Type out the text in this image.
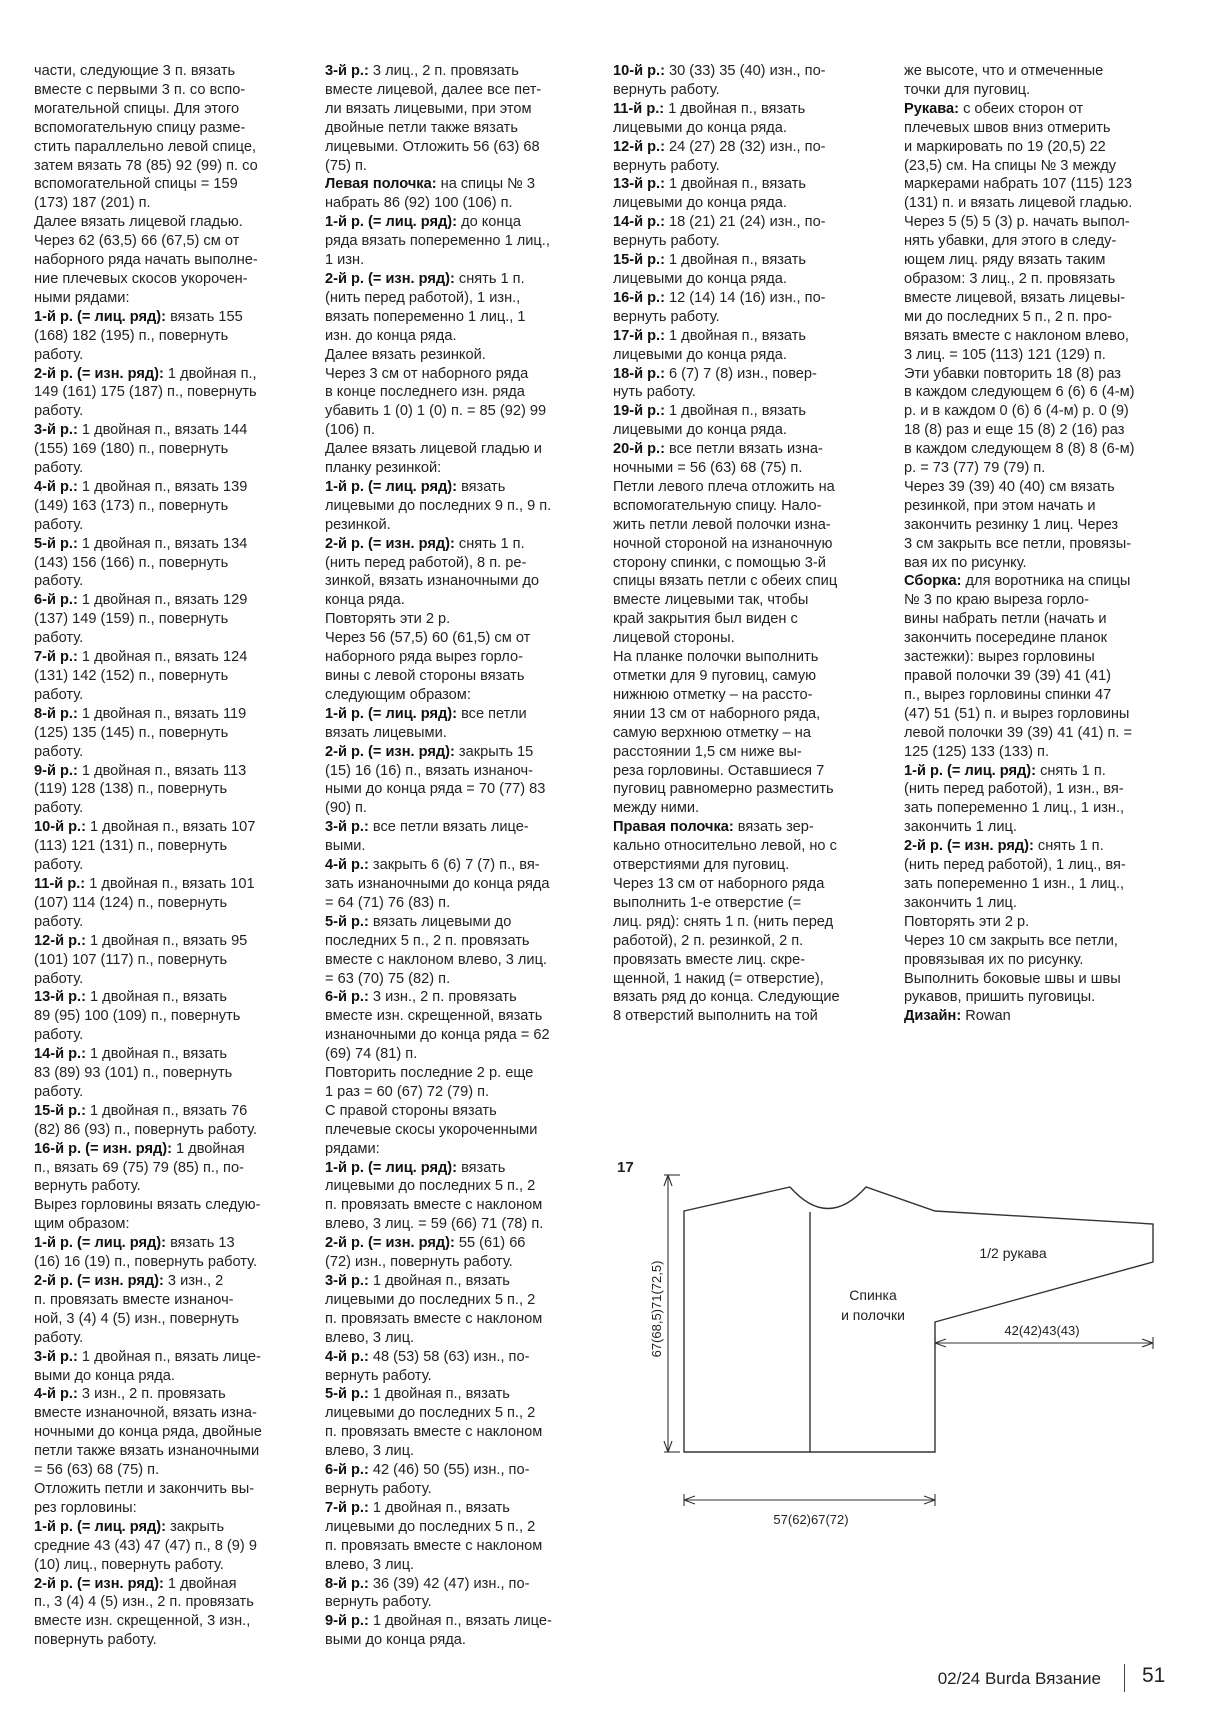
части, следующие 3 п. вязать

вместе с первыми 3 п. со вспо-

могательной спицы. Для этого

вспомогательную спицу разме-

стить параллельно левой спице,

затем вязать 78 (85) 92 (99) п. со

вспомогательной спицы = 159

(173) 187 (201) п.

Далее вязать лицевой гладью.

Через 62 (63,5) 66 (67,5) см от

наборного ряда начать выполне-

ние плечевых скосов укорочен-

ными рядами:

1-й р. (= лиц. ряд): вязать 155

(168) 182 (195) п., повернуть

работу.

2-й р. (= изн. ряд): 1 двойная п.,

149 (161) 175 (187) п., повернуть

работу.

3-й р.: 1 двойная п., вязать 144

(155) 169 (180) п., повернуть

работу.

4-й р.: 1 двойная п., вязать 139

(149) 163 (173) п., повернуть

работу.

5-й р.: 1 двойная п., вязать 134

(143) 156 (166) п., повернуть

работу.

6-й р.: 1 двойная п., вязать 129

(137) 149 (159) п., повернуть

работу.

7-й р.: 1 двойная п., вязать 124

(131) 142 (152) п., повернуть

работу.

8-й р.: 1 двойная п., вязать 119

(125) 135 (145) п., повернуть

работу.

9-й р.: 1 двойная п., вязать 113

(119) 128 (138) п., повернуть

работу.

10-й р.: 1 двойная п., вязать 107

(113) 121 (131) п., повернуть

работу.

11-й р.: 1 двойная п., вязать 101

(107) 114 (124) п., повернуть

работу.

12-й р.: 1 двойная п., вязать 95

(101) 107 (117) п., повернуть

работу.

13-й р.: 1 двойная п., вязать

89 (95) 100 (109) п., повернуть

работу.

14-й р.: 1 двойная п., вязать

83 (89) 93 (101) п., повернуть

работу.

15-й р.: 1 двойная п., вязать 76

(82) 86 (93) п., повернуть работу.

16-й р. (= изн. ряд): 1 двойная

п., вязать 69 (75) 79 (85) п., по-

вернуть работу.

Вырез горловины вязать следую-

щим образом:

1-й р. (= лиц. ряд): вязать 13

(16) 16 (19) п., повернуть работу.

2-й р. (= изн. ряд): 3 изн., 2

п. провязать вместе изнаноч-

ной, 3 (4) 4 (5) изн., повернуть

работу.

3-й р.: 1 двойная п., вязать лице-

выми до конца ряда.

4-й р.: 3 изн., 2 п. провязать

вместе изнаночной, вязать изна-

ночными до конца ряда, двойные

петли также вязать изнаночными

= 56 (63) 68 (75) п.

Отложить петли и закончить вы-

рез горловины:

1-й р. (= лиц. ряд): закрыть

средние 43 (43) 47 (47) п., 8 (9) 9

(10) лиц., повернуть работу.

2-й р. (= изн. ряд): 1 двойная

п., 3 (4) 4 (5) изн., 2 п. провязать

вместе изн. скрещенной, 3 изн.,

повернуть работу.

3-й р.: 3 лиц., 2 п. провязать

вместе лицевой, далее все пет-

ли вязать лицевыми, при этом

двойные петли также вязать

лицевыми. Отложить 56 (63) 68

(75) п.

Левая полочка: на спицы № 3

набрать 86 (92) 100 (106) п.

1-й р. (= лиц. ряд): до конца

ряда вязать попеременно 1 лиц.,

1 изн.

2-й р. (= изн. ряд): снять 1 п.

(нить перед работой), 1 изн.,

вязать попеременно 1 лиц., 1

изн. до конца ряда.

Далее вязать резинкой.

Через 3 см от наборного ряда

в конце последнего изн. ряда

убавить 1 (0) 1 (0) п. = 85 (92) 99

(106) п.

Далее вязать лицевой гладью и

планку резинкой:

1-й р. (= лиц. ряд): вязать

лицевыми до последних 9 п., 9 п.

резинкой.

2-й р. (= изн. ряд): снять 1 п.

(нить перед работой), 8 п. ре-

зинкой, вязать изнаночными до

конца ряда.

Повторять эти 2 р.

Через 56 (57,5) 60 (61,5) см от

наборного ряда вырез горло-

вины с левой стороны вязать

следующим образом:

1-й р. (= лиц. ряд): все петли

вязать лицевыми.

2-й р. (= изн. ряд): закрыть 15

(15) 16 (16) п., вязать изнаноч-

ными до конца ряда = 70 (77) 83

(90) п.

3-й р.: все петли вязать лице-

выми.

4-й р.: закрыть 6 (6) 7 (7) п., вя-

зать изнаночными до конца ряда

= 64 (71) 76 (83) п.

5-й р.: вязать лицевыми до

последних 5 п., 2 п. провязать

вместе с наклоном влево, 3 лиц.

= 63 (70) 75 (82) п.

6-й р.: 3 изн., 2 п. провязать

вместе изн. скрещенной, вязать

изнаночными до конца ряда = 62

(69) 74 (81) п.

Повторить последние 2 р. еще

1 раз = 60 (67) 72 (79) п.

С правой стороны вязать

плечевые скосы укороченными

рядами:

1-й р. (= лиц. ряд): вязать

лицевыми до последних 5 п., 2

п. провязать вместе с наклоном

влево, 3 лиц. = 59 (66) 71 (78) п.

2-й р. (= изн. ряд): 55 (61) 66

(72) изн., повернуть работу.

3-й р.: 1 двойная п., вязать

лицевыми до последних 5 п., 2

п. провязать вместе с наклоном

влево, 3 лиц.

4-й р.: 48 (53) 58 (63) изн., по-

вернуть работу.

5-й р.: 1 двойная п., вязать

лицевыми до последних 5 п., 2

п. провязать вместе с наклоном

влево, 3 лиц.

6-й р.: 42 (46) 50 (55) изн., по-

вернуть работу.

7-й р.: 1 двойная п., вязать

лицевыми до последних 5 п., 2

п. провязать вместе с наклоном

влево, 3 лиц.

8-й р.: 36 (39) 42 (47) изн., по-

вернуть работу.

9-й р.: 1 двойная п., вязать лице-

выми до конца ряда.

10-й р.: 30 (33) 35 (40) изн., по-

вернуть работу.

11-й р.: 1 двойная п., вязать

лицевыми до конца ряда.

12-й р.: 24 (27) 28 (32) изн., по-

вернуть работу.

13-й р.: 1 двойная п., вязать

лицевыми до конца ряда.

14-й р.: 18 (21) 21 (24) изн., по-

вернуть работу.

15-й р.: 1 двойная п., вязать

лицевыми до конца ряда.

16-й р.: 12 (14) 14 (16) изн., по-

вернуть работу.

17-й р.: 1 двойная п., вязать

лицевыми до конца ряда.

18-й р.: 6 (7) 7 (8) изн., повер-

нуть работу.

19-й р.: 1 двойная п., вязать

лицевыми до конца ряда.

20-й р.: все петли вязать изна-

ночными = 56 (63) 68 (75) п.

Петли левого плеча отложить на

вспомогательную спицу. Нало-

жить петли левой полочки изна-

ночной стороной на изнаночную

сторону спинки, с помощью 3-й

спицы вязать петли с обеих спиц

вместе лицевыми так, чтобы

край закрытия был виден с

лицевой стороны.

На планке полочки выполнить

отметки для 9 пуговиц, самую

нижнюю отметку – на рассто-

янии 13 см от наборного ряда,

самую верхнюю отметку – на

расстоянии 1,5 см ниже вы-

реза горловины. Оставшиеся 7

пуговиц равномерно разместить

между ними.

Правая полочка: вязать зер-

кально относительно левой, но с

отверстиями для пуговиц.

Через 13 см от наборного ряда

выполнить 1-е отверстие (=

лиц. ряд): снять 1 п. (нить перед

работой), 2 п. резинкой, 2 п.

провязать вместе лиц. скре-

щенной, 1 накид (= отверстие),

вязать ряд до конца. Следующие

8 отверстий выполнить на той

же высоте, что и отмеченные

точки для пуговиц.

Рукава: с обеих сторон от

плечевых швов вниз отмерить

и маркировать по 19 (20,5) 22

(23,5) см. На спицы № 3 между

маркерами набрать 107 (115) 123

(131) п. и вязать лицевой гладью.

Через 5 (5) 5 (3) р. начать выпол-

нять убавки, для этого в следу-

ющем лиц. ряду вязать таким

образом: 3 лиц., 2 п. провязать

вместе лицевой, вязать лицевы-

ми до последних 5 п., 2 п. про-

вязать вместе с наклоном влево,

3 лиц. = 105 (113) 121 (129) п.

Эти убавки повторить 18 (8) раз

в каждом следующем 6 (6) 6 (4-м)

р. и в каждом 0 (6) 6 (4-м) р. 0 (9)

18 (8) раз и еще 15 (8) 2 (16) раз

в каждом следующем 8 (8) 8 (6-м)

р. = 73 (77) 79 (79) п.

Через 39 (39) 40 (40) см вязать

резинкой, при этом начать и

закончить резинку 1 лиц. Через

3 см закрыть все петли, провязы-

вая их по рисунку.

Сборка: для воротника на спицы

№ 3 по краю выреза горло-

вины набрать петли (начать и

закончить посередине планок

застежки): вырез горловины

правой полочки 39 (39) 41 (41)

п., вырез горловины спинки 47

(47) 51 (51) п. и вырез горловины

левой полочки 39 (39) 41 (41) п. =

125 (125) 133 (133) п.

1-й р. (= лиц. ряд): снять 1 п.

(нить перед работой), 1 изн., вя-

зать попеременно 1 лиц., 1 изн.,

закончить 1 лиц.

2-й р. (= изн. ряд): снять 1 п.

(нить перед работой), 1 лиц., вя-

зать попеременно 1 изн., 1 лиц.,

закончить 1 лиц.

Повторять эти 2 р.

Через 10 см закрыть все петли,

провязывая их по рисунку.

Выполнить боковые швы и швы

рукавов, пришить пуговицы.

Дизайн: Rowan

17
67(68,5)71(72,5)
57(62)67(72)
42(42)43(43)
Спинка
и полочки
1/2 рукава
02/24 Burda Вязание 51
